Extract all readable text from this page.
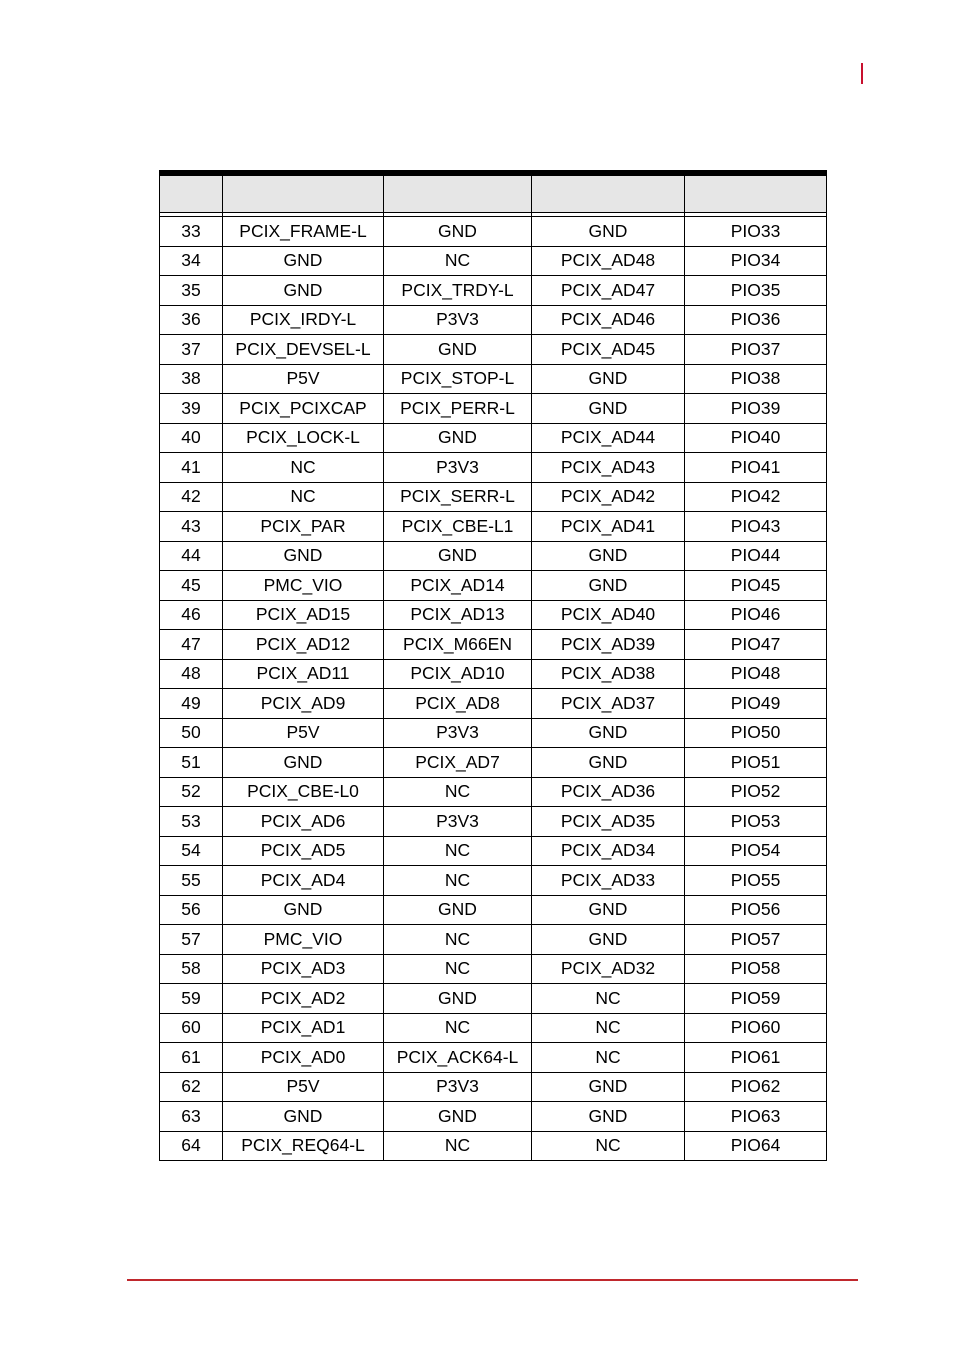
33	PCIX_FRAME-L	GND	GND	PIO33
34	GND	NC	PCIX_AD48	PIO34
35	GND	PCIX_TRDY-L	PCIX_AD47	PIO35
36	PCIX_IRDY-L	P3V3	PCIX_AD46	PIO36
37	PCIX_DEVSEL-L	GND	PCIX_AD45	PIO37
38	P5V	PCIX_STOP-L	GND	PIO38
39	PCIX_PCIXCAP	PCIX_PERR-L	GND	PIO39
40	PCIX_LOCK-L	GND	PCIX_AD44	PIO40
41	NC	P3V3	PCIX_AD43	PIO41
42	NC	PCIX_SERR-L	PCIX_AD42	PIO42
43	PCIX_PAR	PCIX_CBE-L1	PCIX_AD41	PIO43
44	GND	GND	GND	PIO44
45	PMC_VIO	PCIX_AD14	GND	PIO45
46	PCIX_AD15	PCIX_AD13	PCIX_AD40	PIO46
47	PCIX_AD12	PCIX_M66EN	PCIX_AD39	PIO47
48	PCIX_AD11	PCIX_AD10	PCIX_AD38	PIO48
49	PCIX_AD9	PCIX_AD8	PCIX_AD37	PIO49
50	P5V	P3V3	GND	PIO50
51	GND	PCIX_AD7	GND	PIO51
52	PCIX_CBE-L0	NC	PCIX_AD36	PIO52
53	PCIX_AD6	P3V3	PCIX_AD35	PIO53
54	PCIX_AD5	NC	PCIX_AD34	PIO54
55	PCIX_AD4	NC	PCIX_AD33	PIO55
56	GND	GND	GND	PIO56
57	PMC_VIO	NC	GND	PIO57
58	PCIX_AD3	NC	PCIX_AD32	PIO58
59	PCIX_AD2	GND	NC	PIO59
60	PCIX_AD1	NC	NC	PIO60
61	PCIX_AD0	PCIX_ACK64-L	NC	PIO61
62	P5V	P3V3	GND	PIO62
63	GND	GND	GND	PIO63
64	PCIX_REQ64-L	NC	NC	PIO64
